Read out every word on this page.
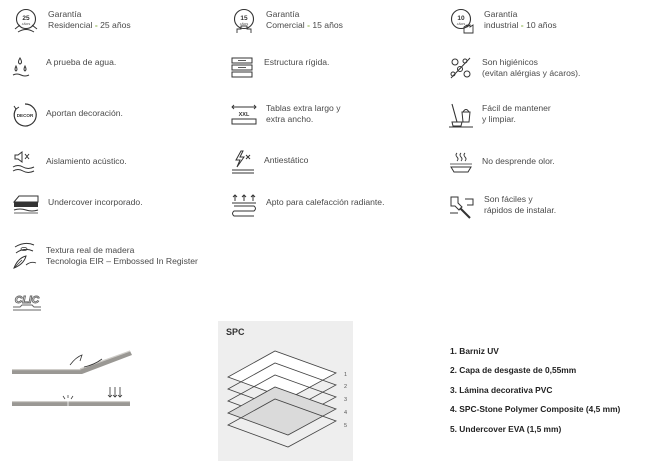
25
AÑOS
Garantía
Residencial - 25 años
15
AÑOS
Garantía
Comercial - 15 años
10
AÑOS
Garantía
industrial - 10 años
A prueba de agua.	Estructura rígida.	Son higiénicos
(evitan alérgias y ácaros).
DECOR Aportan decoración.	XXL
Tablas extra largo y
extra ancho.
Fácil de mantener
y limpiar.
Aislamiento acústico.	Antiestático	No desprende olor.
Undercover incorporado.	Apto para calefacción radiante.	Son fáciles y
rápidos de instalar.
Textura real de madera
Tecnologia EIR – Embossed In Register
CLIC
SPC
1
2
3
4
5
1. Barniz UV
2. Capa de desgaste de 0,55mm
3. Lámina decorativa PVC
4. SPC-Stone Polymer Composite (4,5 mm)
5. Undercover EVA (1,5 mm)
